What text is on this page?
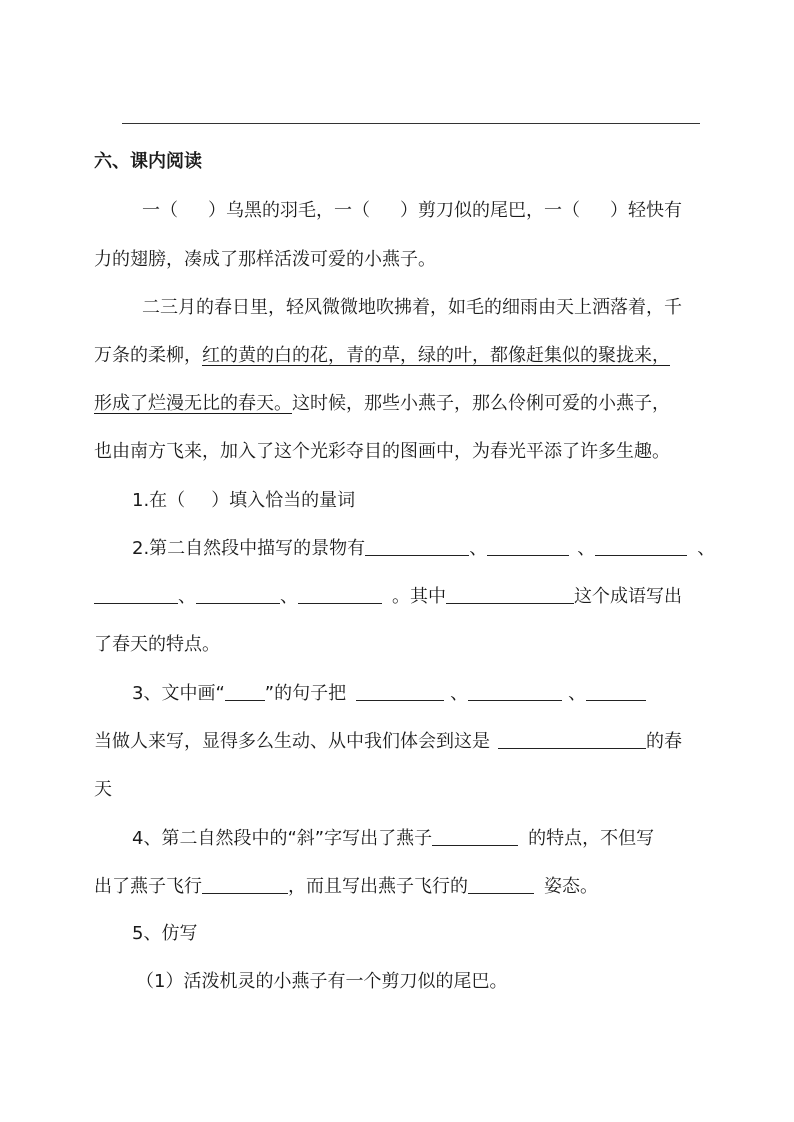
六、课内阅读
一（ ）乌黑的羽毛，一（ ）剪刀似的尾巴，一（ ）轻快有
力的翅膀，凑成了那样活泼可爱的小燕子。
二三月的春日里，轻风微微地吹拂着，如毛的细雨由天上洒落着，千
万条的柔柳，红的黄的白的花，青的草，绿的叶，都像赶集似的聚拢来，
形成了烂漫无比的春天。这时候，那些小燕子，那么伶俐可爱的小燕子，
也由南方飞来，加入了这个光彩夺目的图画中，为春光平添了许多生趣。
1.在（ ）填入恰当的量词
2.第二自然段中描写的景物有	、	、	、
、	、	。其中	这个成语写出
了春天的特点。
3、文中画“ ”的句子把	、	、
当做人来写，显得多么生动、从中我们体会到这是	的春
天
4、第二自然段中的“斜”字写出了燕子	的特点，不但写
出了燕子飞行	，而且写出燕子飞行的	姿态。
5、仿写
（1）活泼机灵的小燕子有一个剪刀似的尾巴。
